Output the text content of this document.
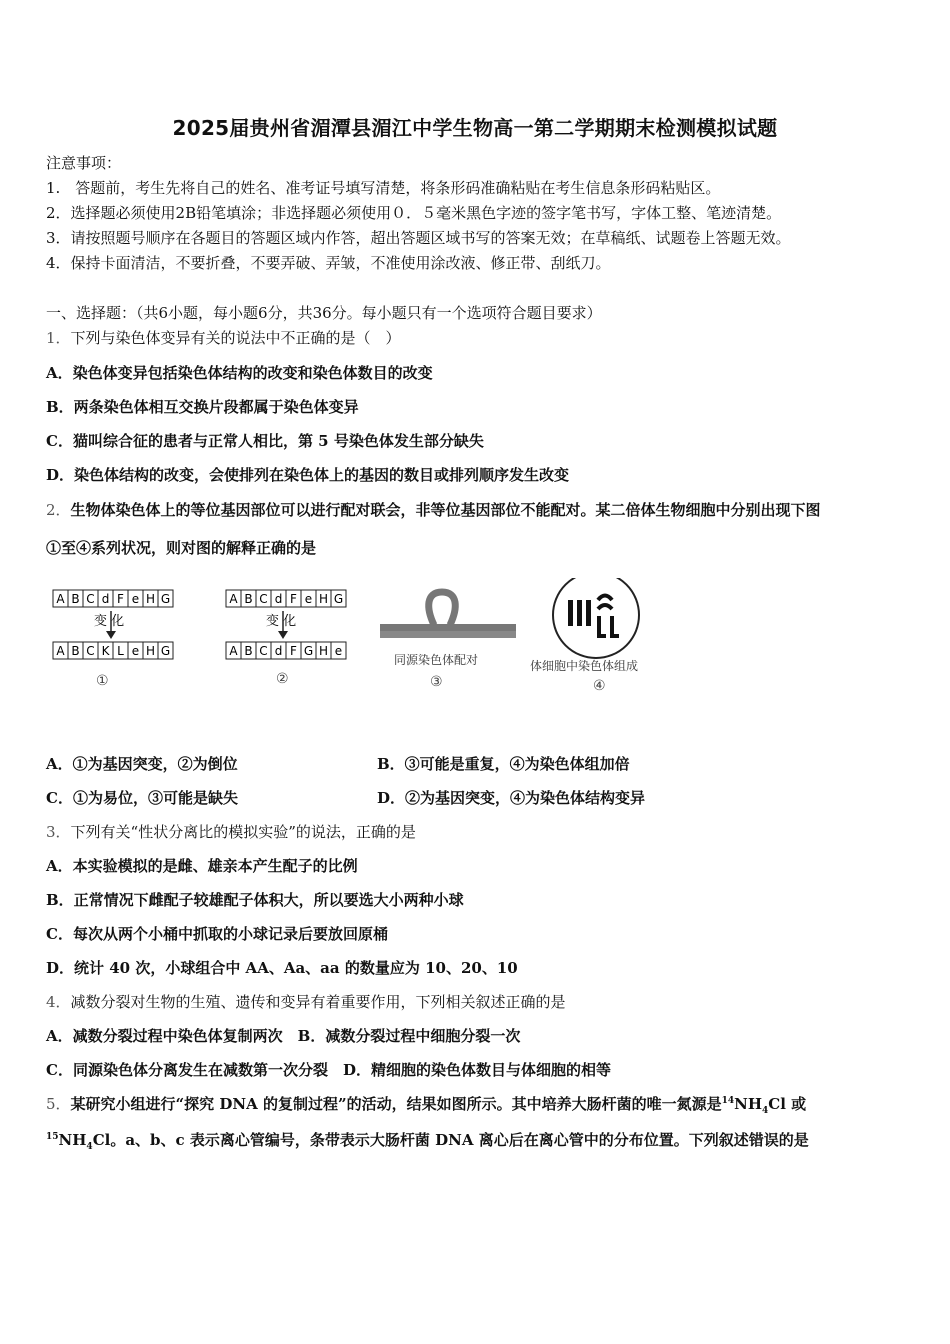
2025届贵州省湄潭县湄江中学生物高一第二学期期末检测模拟试题
注意事项：
1.　答题前，考生先将自己的姓名、准考证号填写清楚，将条形码准确粘贴在考生信息条形码粘贴区。
2．选择题必须使用2B铅笔填涂；非选择题必须使用０．５毫米黑色字迹的签字笔书写，字体工整、笔迹清楚。
3．请按照题号顺序在各题目的答题区域内作答，超出答题区域书写的答案无效；在草稿纸、试题卷上答题无效。
4．保持卡面清洁，不要折叠，不要弄破、弄皱，不准使用涂改液、修正带、刮纸刀。
一、选择题：（共6小题，每小题6分，共36分。每小题只有一个选项符合题目要求）
1．下列与染色体变异有关的说法中不正确的是（　）
A．染色体变异包括染色体结构的改变和染色体数目的改变
B．两条染色体相互交换片段都属于染色体变异
C．猫叫综合征的患者与正常人相比，第 5 号染色体发生部分缺失
D．染色体结构的改变，会使排列在染色体上的基因的数目或排列顺序发生改变
2．生物体染色体上的等位基因部位可以进行配对联会，非等位基因部位不能配对。某二倍体生物细胞中分别出现下图
①至④系列状况，则对图的解释正确的是
A B C d F e H G
变 化
A B C K L e H G
①
A B C d F e H G
变 化
A B C d F G H e
②
同源染色体配对
③
体细胞中染色体组成
④
A．①为基因突变，②为倒位	B．③可能是重复，④为染色体组加倍
C．①为易位，③可能是缺失	D．②为基因突变，④为染色体结构变异
3．下列有关“性状分离比的模拟实验”的说法，正确的是
A．本实验模拟的是雌、雄亲本产生配子的比例
B．正常情况下雌配子较雄配子体积大，所以要选大小两种小球
C．每次从两个小桶中抓取的小球记录后要放回原桶
D．统计 40 次，小球组合中 AA、Aa、aa 的数量应为 10、20、10
4．减数分裂对生物的生殖、遗传和变异有着重要作用，下列相关叙述正确的是
A．减数分裂过程中染色体复制两次　B．减数分裂过程中细胞分裂一次
C．同源染色体分离发生在减数第一次分裂　D．精细胞的染色体数目与体细胞的相等
5．某研究小组进行“探究 DNA 的复制过程”的活动，结果如图所示。其中培养大肠杆菌的唯一氮源是$^{14}NH_4Cl$ 或
$^{15}NH_4Cl$。a、b、c 表示离心管编号，条带表示大肠杆菌 DNA 离心后在离心管中的分布位置。下列叙述错误的是
